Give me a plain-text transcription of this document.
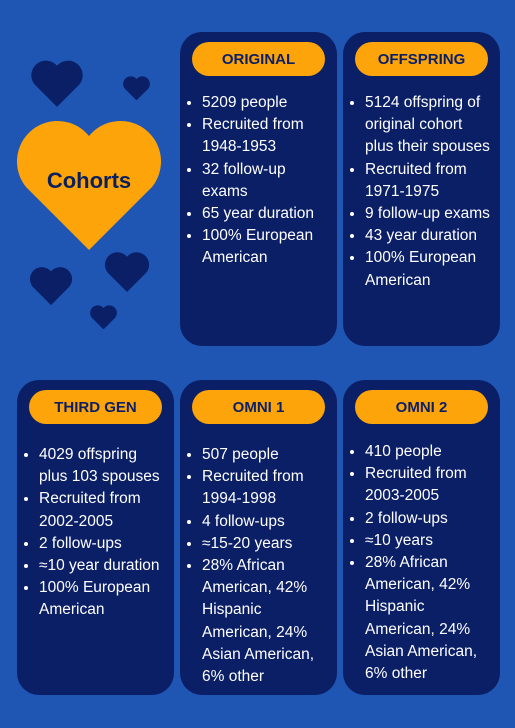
Cohorts
ORIGINAL
• 5209 people
• Recruited from 1948-1953
• 32 follow-up exams
• 65 year duration
• 100% European American
OFFSPRING
• 5124 offspring of original cohort plus their spouses
• Recruited from 1971-1975
• 9 follow-up exams
• 43 year duration
• 100% European American
THIRD GEN
• 4029 offspring plus 103 spouses
• Recruited from 2002-2005
• 2 follow-ups
• ≈10 year duration
• 100% European American
OMNI 1
• 507 people
• Recruited from 1994-1998
• 4 follow-ups
• ≈15-20 years
• 28% African American, 42% Hispanic American, 24% Asian American, 6% other
OMNI 2
• 410 people
• Recruited from 2003-2005
• 2 follow-ups
• ≈10 years
• 28% African American, 42% Hispanic American, 24% Asian American, 6% other
